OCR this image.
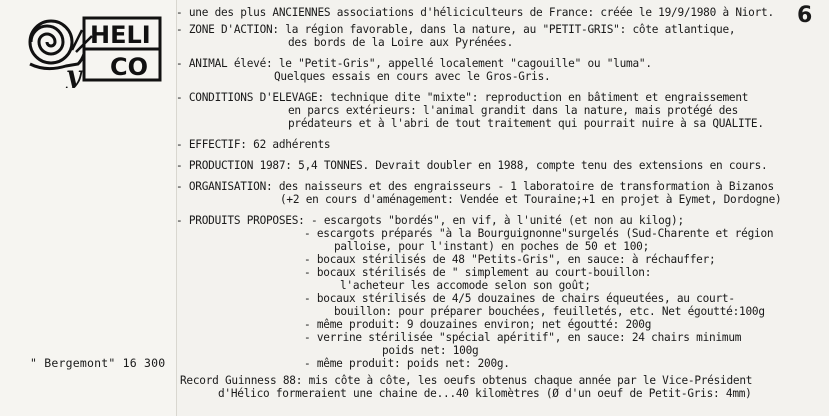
HELI
CO
y
" Bergemont" 16 300
6
- une des plus ANCIENNES associations d'héliciculteurs de France: créée le 19/9/1980 à Niort.
- ZONE D'ACTION: la région favorable, dans la nature, au "PETIT-GRIS": côte atlantique,
des bords de la Loire aux Pyrénées.
- ANIMAL élevé: le "Petit-Gris", appellé localement "cagouille" ou "luma".
Quelques essais en cours avec le Gros-Gris.
- CONDITIONS D'ELEVAGE: technique dite "mixte": reproduction en bâtiment et engraissement
en parcs extérieurs: l'animal grandit dans la nature, mais protégé des
prédateurs et à l'abri de tout traitement qui pourrait nuire à sa QUALITE.
- EFFECTIF: 62 adhérents
- PRODUCTION 1987: 5,4 TONNES. Devrait doubler en 1988, compte tenu des extensions en cours.
- ORGANISATION: des naisseurs et des engraisseurs - 1 laboratoire de transformation à Bizanos
(+2 en cours d'aménagement: Vendée et Touraine;+1 en projet à Eymet, Dordogne)
- PRODUITS PROPOSES: - escargots "bordés", en vif, à l'unité (et non au kilog);
- escargots préparés "à la Bourguignonne"surgelés (Sud-Charente et région
palloise, pour l'instant) en poches de 50 et 100;
- bocaux stérilisés de 48 "Petits-Gris", en sauce: à réchauffer;
- bocaux stérilisés de " simplement au court-bouillon:
l'acheteur les accomode selon son goût;
- bocaux stérilisés de 4/5 douzaines de chairs équeutées, au court-
bouillon: pour préparer bouchées, feuilletés, etc. Net égoutté:100g
- même produit: 9 douzaines environ; net égoutté: 200g
- verrine stérilisée "spécial apéritif", en sauce: 24 chairs minimum
poids net: 100g
- même produit: poids net: 200g.
Record Guinness 88: mis côte à côte, les oeufs obtenus chaque année par le Vice-Président
d'Hélico formeraient une chaine de...40 kilomètres (Ø d'un oeuf de Petit-Gris: 4mm)
